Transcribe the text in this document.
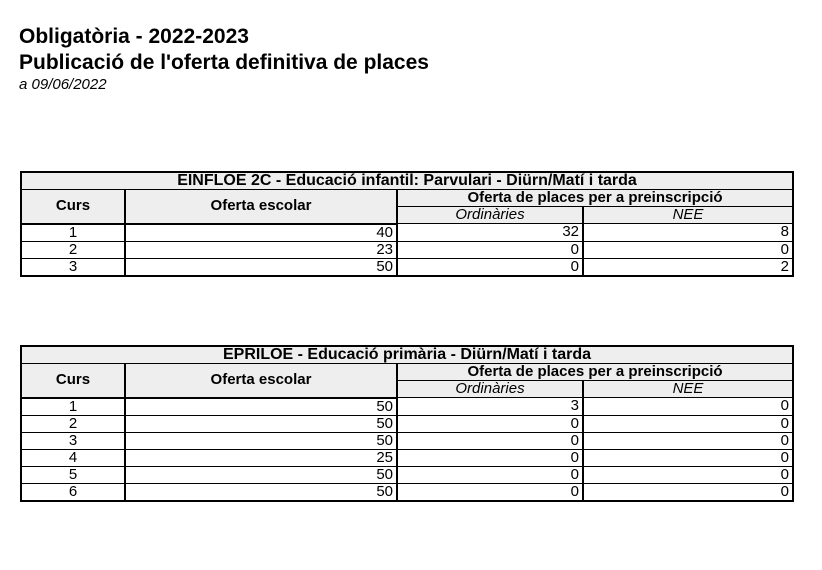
Obligatòria - 2022-2023
Publicació de l'oferta definitiva de places
a 09/06/2022
EINFLOE 2C - Educació infantil: Parvulari - Diürn/Matí i tarda			
Curs	Oferta escolar	Oferta de places per a preinscripció	
		Ordinàries	NEE
1	40	32	8
2	23	0	0
3	50	0	2
EPRILOE - Educació primària - Diürn/Matí i tarda			
Curs	Oferta escolar	Oferta de places per a preinscripció	
		Ordinàries	NEE
1	50	3	0
2	50	0	0
3	50	0	0
4	25	0	0
5	50	0	0
6	50	0	0
